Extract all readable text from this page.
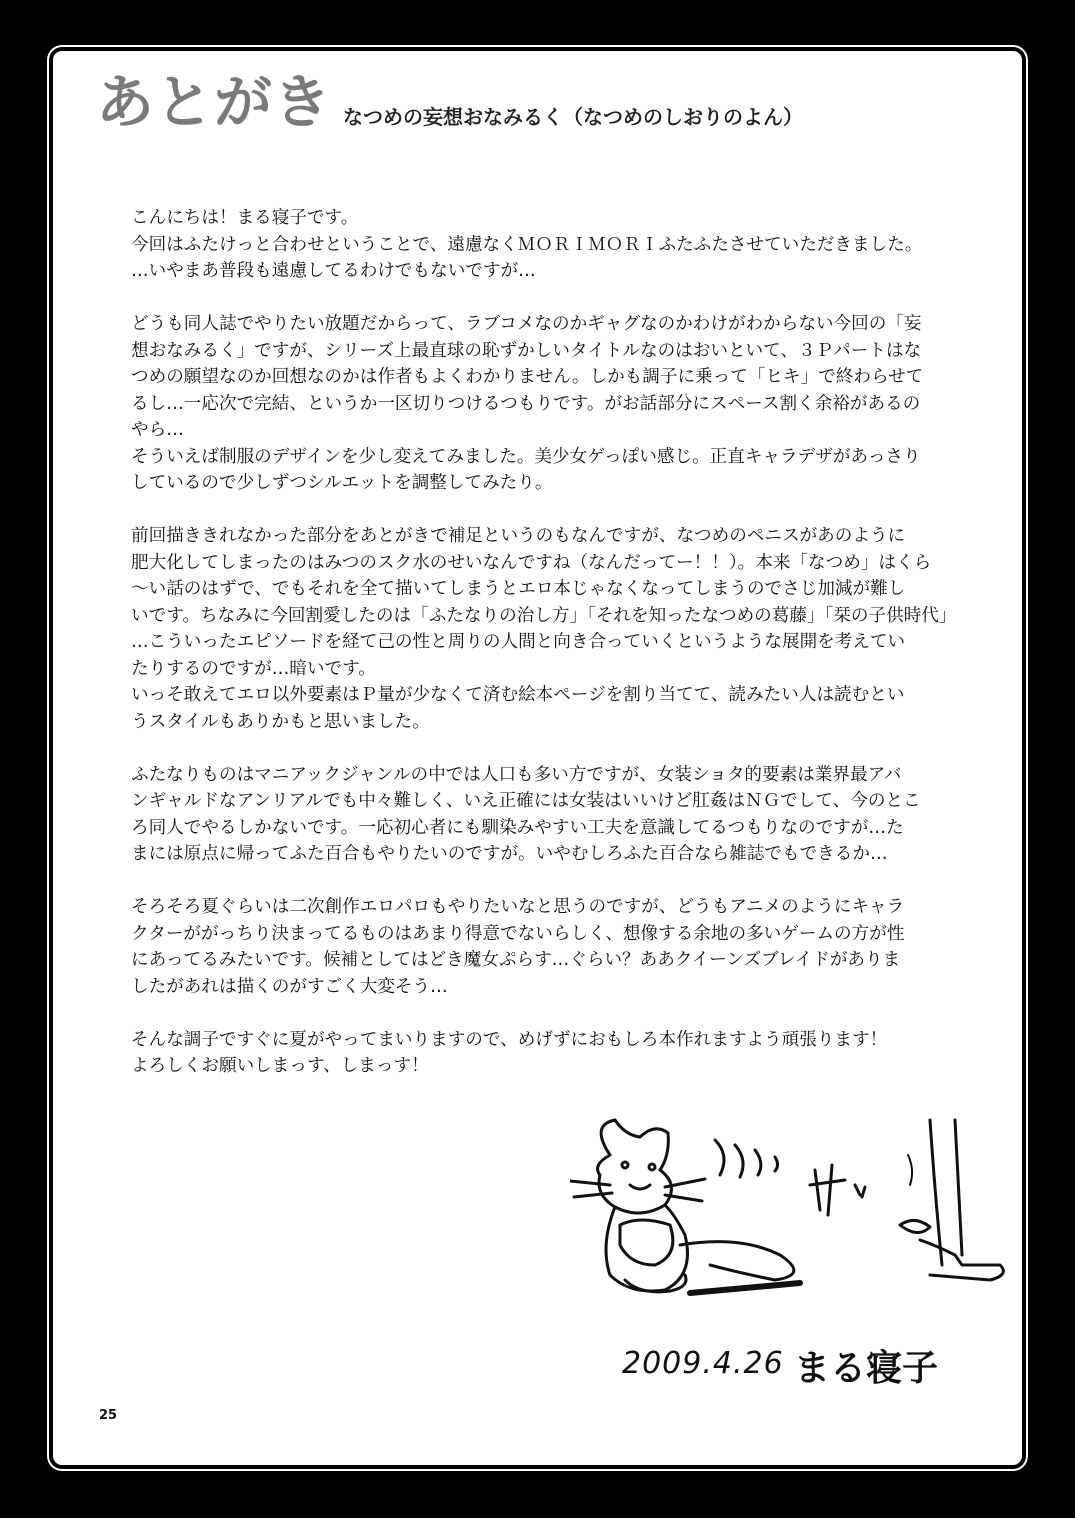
あとがき なつめの妄想おなみるく（なつめのしおりのよん）
こんにちは！まる寝子です。
今回はふたけっと合わせということで、遠慮なくＭＯＲＩＭＯＲＩふたふたさせていただきました。
…いやまあ普段も遠慮してるわけでもないですが…
どうも同人誌でやりたい放題だからって、ラブコメなのかギャグなのかわけがわからない今回の「妄
想おなみるく」ですが、シリーズ上最直球の恥ずかしいタイトルなのはおいといて、３Ｐパートはな
つめの願望なのか回想なのかは作者もよくわかりません。しかも調子に乗って「ヒキ」で終わらせて
るし…一応次で完結、というか一区切りつけるつもりです。がお話部分にスペース割く余裕があるの
やら…
そういえば制服のデザインを少し変えてみました。美少女ゲっぽい感じ。正直キャラデザがあっさり
しているので少しずつシルエットを調整してみたり。
前回描ききれなかった部分をあとがきで補足というのもなんですが、なつめのペニスがあのように
肥大化してしまったのはみつのスク水のせいなんですね（なんだってー！！）。本来「なつめ」はくら
〜い話のはずで、でもそれを全て描いてしまうとエロ本じゃなくなってしまうのでさじ加減が難し
いです。ちなみに今回割愛したのは「ふたなりの治し方」「それを知ったなつめの葛藤」「栞の子供時代」
…こういったエピソードを経て己の性と周りの人間と向き合っていくというような展開を考えてい
たりするのですが…暗いです。
いっそ敢えてエロ以外要素はＰ量が少なくて済む絵本ページを割り当てて、読みたい人は読むとい
うスタイルもありかもと思いました。
ふたなりものはマニアックジャンルの中では人口も多い方ですが、女装ショタ的要素は業界最アバ
ンギャルドなアンリアルでも中々難しく、いえ正確には女装はいいけど肛姦はＮＧでして、今のとこ
ろ同人でやるしかないです。一応初心者にも馴染みやすい工夫を意識してるつもりなのですが…た
まには原点に帰ってふた百合もやりたいのですが。いやむしろふた百合なら雑誌でもできるか…
そろそろ夏ぐらいは二次創作エロパロもやりたいなと思うのですが、どうもアニメのようにキャラ
クターががっちり決まってるものはあまり得意でないらしく、想像する余地の多いゲームの方が性
にあってるみたいです。候補としてはどき魔女ぷらす…ぐらい？ああクイーンズブレイドがありま
したがあれは描くのがすごく大変そう…
そんな調子ですぐに夏がやってまいりますので、めげずにおもしろ本作れますよう頑張ります！
よろしくお願いしまっす、しまっす！
2009.4.26 まる寝子
25
